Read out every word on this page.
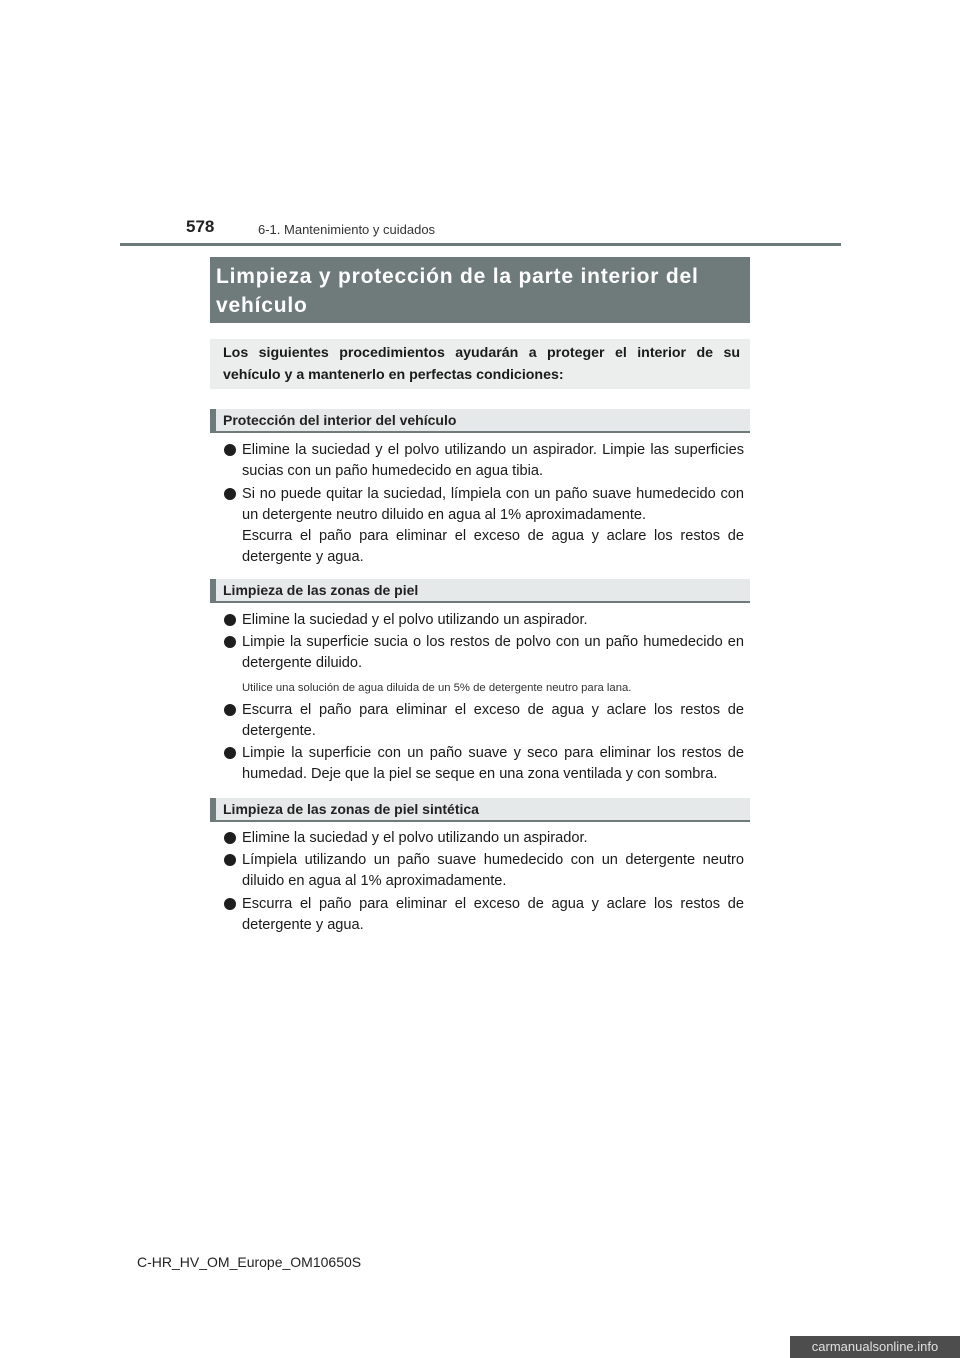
578	6-1. Mantenimiento y cuidados
Limpieza y protección de la parte interior del vehículo
Los siguientes procedimientos ayudarán a proteger el interior de su vehículo y a mantenerlo en perfectas condiciones:
Protección del interior del vehículo
Elimine la suciedad y el polvo utilizando un aspirador. Limpie las superficies sucias con un paño humedecido en agua tibia.
Si no puede quitar la suciedad, límpiela con un paño suave humedecido con un detergente neutro diluido en agua al 1% aproximadamente.
Escurra el paño para eliminar el exceso de agua y aclare los restos de detergente y agua.
Limpieza de las zonas de piel
Elimine la suciedad y el polvo utilizando un aspirador.
Limpie la superficie sucia o los restos de polvo con un paño humedecido en detergente diluido.
Utilice una solución de agua diluida de un 5% de detergente neutro para lana.
Escurra el paño para eliminar el exceso de agua y aclare los restos de detergente.
Limpie la superficie con un paño suave y seco para eliminar los restos de humedad. Deje que la piel se seque en una zona ventilada y con sombra.
Limpieza de las zonas de piel sintética
Elimine la suciedad y el polvo utilizando un aspirador.
Límpiela utilizando un paño suave humedecido con un detergente neutro diluido en agua al 1% aproximadamente.
Escurra el paño para eliminar el exceso de agua y aclare los restos de detergente y agua.
C-HR_HV_OM_Europe_OM10650S
carmanualsonline.info
